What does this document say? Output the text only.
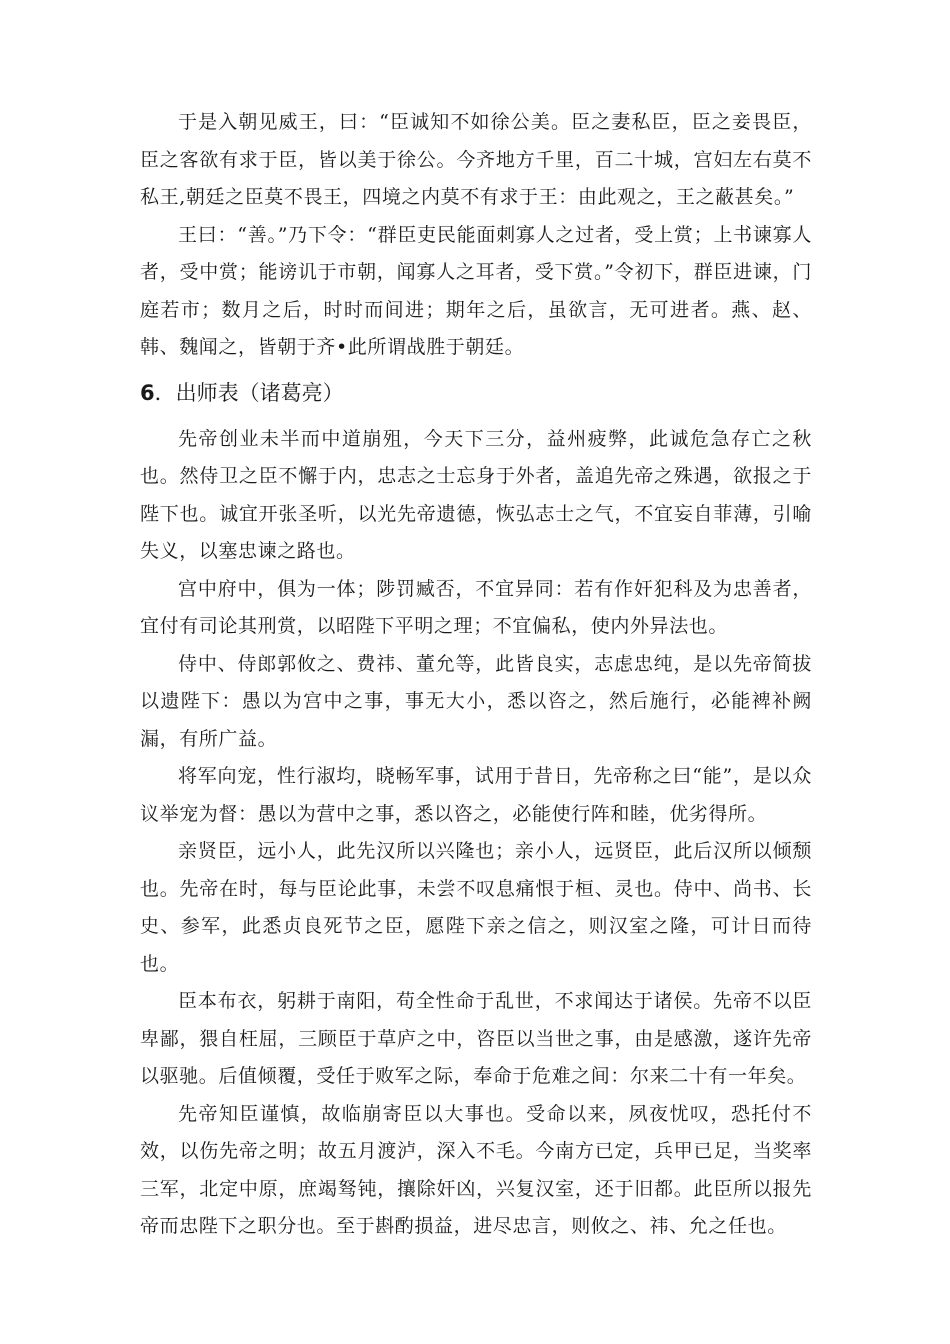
于是入朝见威王，曰：“臣诚知不如徐公美。臣之妻私臣，臣之妾畏臣，臣之客欲有求于臣，皆以美于徐公。今齐地方千里，百二十城，宫妇左右莫不私王,朝廷之臣莫不畏王，四境之内莫不有求于王：由此观之，王之蔽甚矣。”

王曰：“善。”乃下令：“群臣吏民能面刺寡人之过者，受上赏；上书谏寡人者，受中赏；能谤讥于市朝，闻寡人之耳者，受下赏。”令初下，群臣进谏，门庭若市；数月之后，时时而间进；期年之后，虽欲言，无可进者。燕、赵、韩、魏闻之，皆朝于齐•此所谓战胜于朝廷。

6．出师表（诸葛亮）

先帝创业未半而中道崩殂，今天下三分，益州疲弊，此诚危急存亡之秋也。然侍卫之臣不懈于内，忠志之士忘身于外者，盖追先帝之殊遇，欲报之于陛下也。诚宜开张圣听，以光先帝遗德，恢弘志士之气，不宜妄自菲薄，引喻失义，以塞忠谏之路也。

宫中府中，俱为一体；陟罚臧否，不宜异同：若有作奸犯科及为忠善者，宜付有司论其刑赏，以昭陛下平明之理；不宜偏私，使内外异法也。

侍中、侍郎郭攸之、费祎、董允等，此皆良实，志虑忠纯，是以先帝简拔以遗陛下：愚以为宫中之事，事无大小，悉以咨之，然后施行，必能裨补阙漏，有所广益。

将军向宠，性行淑均，晓畅军事，试用于昔日，先帝称之曰“能”，是以众议举宠为督：愚以为营中之事，悉以咨之，必能使行阵和睦，优劣得所。

亲贤臣，远小人，此先汉所以兴隆也；亲小人，远贤臣，此后汉所以倾颓也。先帝在时，每与臣论此事，未尝不叹息痛恨于桓、灵也。侍中、尚书、长史、参军，此悉贞良死节之臣，愿陛下亲之信之，则汉室之隆，可计日而待也。

臣本布衣，躬耕于南阳，苟全性命于乱世，不求闻达于诸侯。先帝不以臣卑鄙，猥自枉屈，三顾臣于草庐之中，咨臣以当世之事，由是感激，遂许先帝以驱驰。后值倾覆，受任于败军之际，奉命于危难之间：尔来二十有一年矣。

先帝知臣谨慎，故临崩寄臣以大事也。受命以来，夙夜忧叹，恐托付不效，以伤先帝之明；故五月渡泸，深入不毛。今南方已定，兵甲已足，当奖率三军，北定中原，庶竭驽钝，攘除奸凶，兴复汉室，还于旧都。此臣所以报先帝而忠陛下之职分也。至于斟酌损益，进尽忠言，则攸之、祎、允之任也。
